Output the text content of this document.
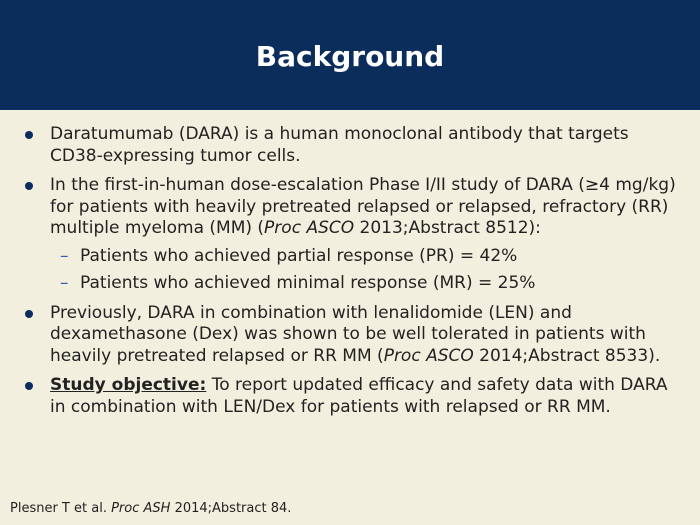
Background
Daratumumab (DARA) is a human monoclonal antibody that targets CD38-expressing tumor cells.
In the first-in-human dose-escalation Phase I/II study of DARA (≥4 mg/kg) for patients with heavily pretreated relapsed or relapsed, refractory (RR) multiple myeloma (MM) (Proc ASCO 2013;Abstract 8512):
– Patients who achieved partial response (PR) = 42%
– Patients who achieved minimal response (MR) = 25%
Previously, DARA in combination with lenalidomide (LEN) and dexamethasone (Dex) was shown to be well tolerated in patients with heavily pretreated relapsed or RR MM (Proc ASCO 2014;Abstract 8533).
Study objective: To report updated efficacy and safety data with DARA in combination with LEN/Dex for patients with relapsed or RR MM.
Plesner T et al. Proc ASH 2014;Abstract 84.
